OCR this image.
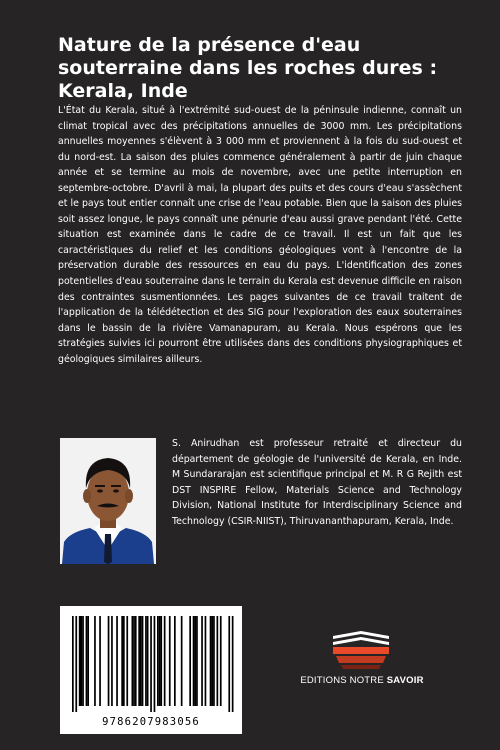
Nature de la présence d'eau souterraine dans les roches dures : Kerala, Inde

L'État du Kerala, situé à l'extrémité sud-ouest de la péninsule indienne, connaît un climat tropical avec des précipitations annuelles de 3000 mm. Les précipitations annuelles moyennes s'élèvent à 3 000 mm et proviennent à la fois du sud-ouest et du nord-est. La saison des pluies commence généralement à partir de juin chaque année et se termine au mois de novembre, avec une petite interruption en septembre-octobre. D'avril à mai, la plupart des puits et des cours d'eau s'assèchent et le pays tout entier connaît une crise de l'eau potable. Bien que la saison des pluies soit assez longue, le pays connaît une pénurie d'eau aussi grave pendant l'été. Cette situation est examinée dans le cadre de ce travail. Il est un fait que les caractéristiques du relief et les conditions géologiques vont à l'encontre de la préservation durable des ressources en eau du pays. L'identification des zones potentielles d'eau souterraine dans le terrain du Kerala est devenue difficile en raison des contraintes susmentionnées. Les pages suivantes de ce travail traitent de l'application de la télédétection et des SIG pour l'exploration des eaux souterraines dans le bassin de la rivière Vamanapuram, au Kerala. Nous espérons que les stratégies suivies ici pourront être utilisées dans des conditions physiographiques et géologiques similaires ailleurs.

S. Anirudhan est professeur retraité et directeur du département de géologie de l'université de Kerala, en Inde. M Sundararajan est scientifique principal et M. R G Rejith est DST INSPIRE Fellow, Materials Science and Technology Division, National Institute for Interdisciplinary Science and Technology (CSIR-NIIST), Thiruvananthapuram, Kerala, Inde.

9786207983056
EDITIONS NOTRE SAVOIR
